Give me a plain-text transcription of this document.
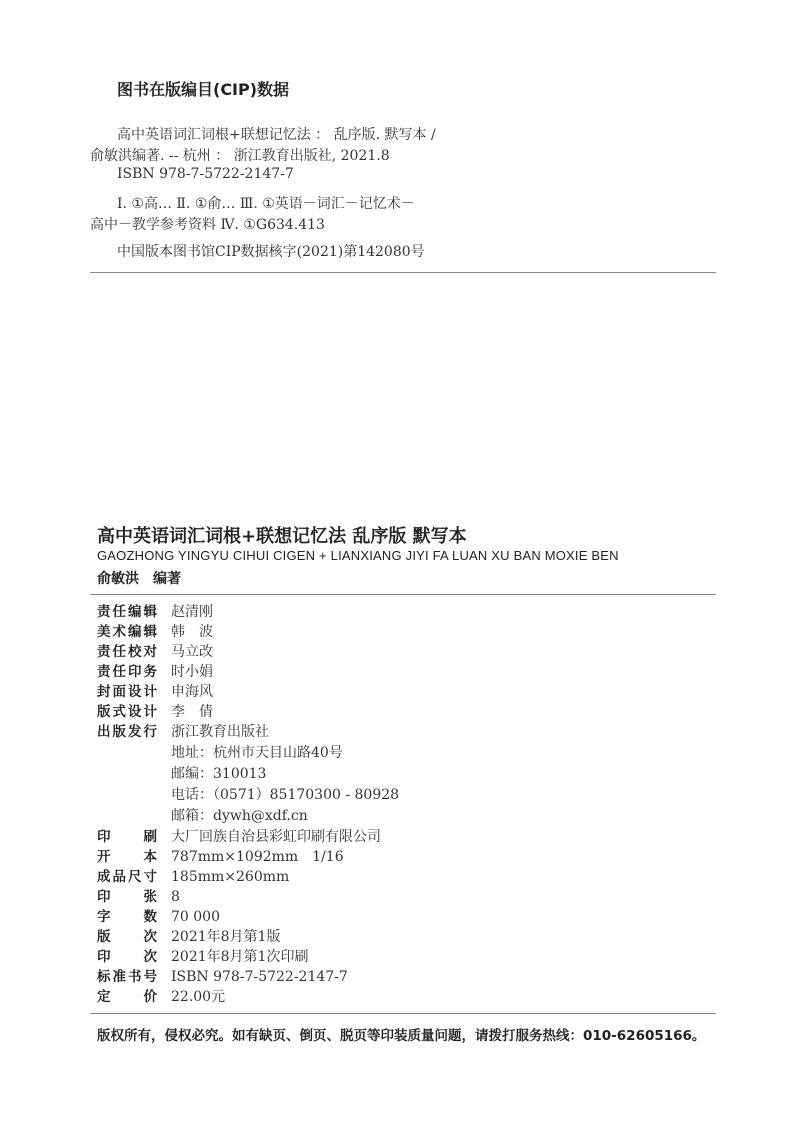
图书在版编目(CIP)数据
高中英语词汇词根+联想记忆法 ： 乱序版. 默写本 /
俞敏洪编著. -- 杭州 ： 浙江教育出版社, 2021.8
ISBN 978-7-5722-2147-7
Ⅰ. ①高… Ⅱ. ①俞… Ⅲ. ①英语－词汇－记忆术－
高中－教学参考资料 Ⅳ. ①G634.413
中国版本图书馆CIP数据核字(2021)第142080号
高中英语词汇词根+联想记忆法 乱序版 默写本
GAOZHONG YINGYU CIHUI CIGEN + LIANXIANG JIYI FA LUAN XU BAN MOXIE BEN
俞敏洪 编著
责任编辑 赵清刚
美术编辑 韩　波
责任校对 马立改
责任印务 时小娟
封面设计 申海风
版式设计 李　倩
出版发行 浙江教育出版社
地址：杭州市天目山路40号
邮编：310013
电话：（0571）85170300 - 80928
邮箱：dywh@xdf.cn
印刷 大厂回族自治县彩虹印刷有限公司
开本 787mm×1092mm　1/16
成品尺寸 185mm×260mm
印张 8
字数 70 000
版次 2021年8月第1版
印次 2021年8月第1次印刷
标准书号 ISBN 978-7-5722-2147-7
定价 22.00元
版权所有，侵权必究。如有缺页、倒页、脱页等印装质量问题，请拨打服务热线：010-62605166。
